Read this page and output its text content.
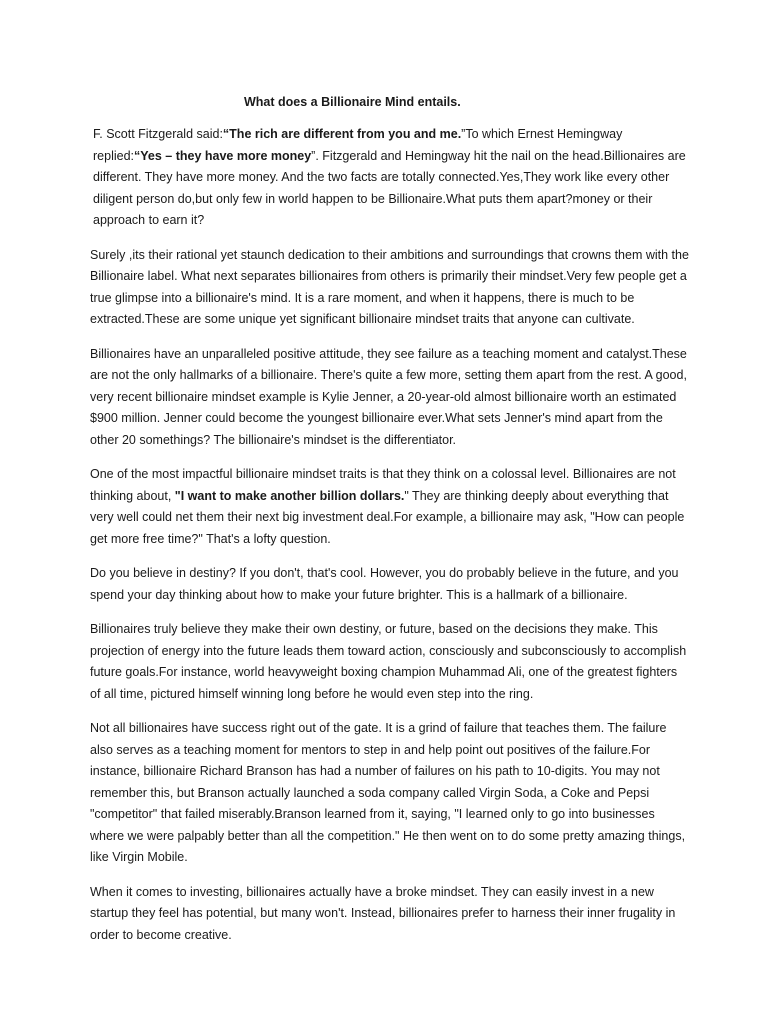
What does a Billionaire Mind entails.

F. Scott Fitzgerald said:“The rich are different from you and me.”To which Ernest Hemingway replied:“Yes – they have more money”. Fitzgerald and Hemingway hit the nail on the head.Billionaires are different. They have more money. And the two facts are totally connected.Yes,They work like every other diligent person do,but only few in world happen to be Billionaire.What puts them apart?money or their approach to earn it?

Surely ,its their rational yet staunch dedication to their ambitions and surroundings that crowns them with the Billionaire label. What next separates billionaires from others is primarily their mindset.Very few people get a true glimpse into a billionaire's mind. It is a rare moment, and when it happens, there is much to be extracted.These are some unique yet significant billionaire mindset traits that anyone can cultivate.

Billionaires have an unparalleled positive attitude, they see failure as a teaching moment and catalyst.These are not the only hallmarks of a billionaire. There's quite a few more, setting them apart from the rest. A good, very recent billionaire mindset example is Kylie Jenner, a 20-year-old almost billionaire worth an estimated $900 million. Jenner could become the youngest billionaire ever.What sets Jenner's mind apart from the other 20 somethings? The billionaire's mindset is the differentiator.

One of the most impactful billionaire mindset traits is that they think on a colossal level. Billionaires are not thinking about, "I want to make another billion dollars." They are thinking deeply about everything that very well could net them their next big investment deal.For example, a billionaire may ask, "How can people get more free time?" That's a lofty question.

Do you believe in destiny? If you don't, that's cool. However, you do probably believe in the future, and you spend your day thinking about how to make your future brighter. This is a hallmark of a billionaire.

Billionaires truly believe they make their own destiny, or future, based on the decisions they make. This projection of energy into the future leads them toward action, consciously and subconsciously to accomplish future goals.For instance, world heavyweight boxing champion Muhammad Ali, one of the greatest fighters of all time, pictured himself winning long before he would even step into the ring.

Not all billionaires have success right out of the gate. It is a grind of failure that teaches them. The failure also serves as a teaching moment for mentors to step in and help point out positives of the failure.For instance, billionaire Richard Branson has had a number of failures on his path to 10-digits. You may not remember this, but Branson actually launched a soda company called Virgin Soda, a Coke and Pepsi "competitor" that failed miserably.Branson learned from it, saying, "I learned only to go into businesses where we were palpably better than all the competition." He then went on to do some pretty amazing things, like Virgin Mobile.

When it comes to investing, billionaires actually have a broke mindset. They can easily invest in a new startup they feel has potential, but many won't. Instead, billionaires prefer to harness their inner frugality in order to become creative.
